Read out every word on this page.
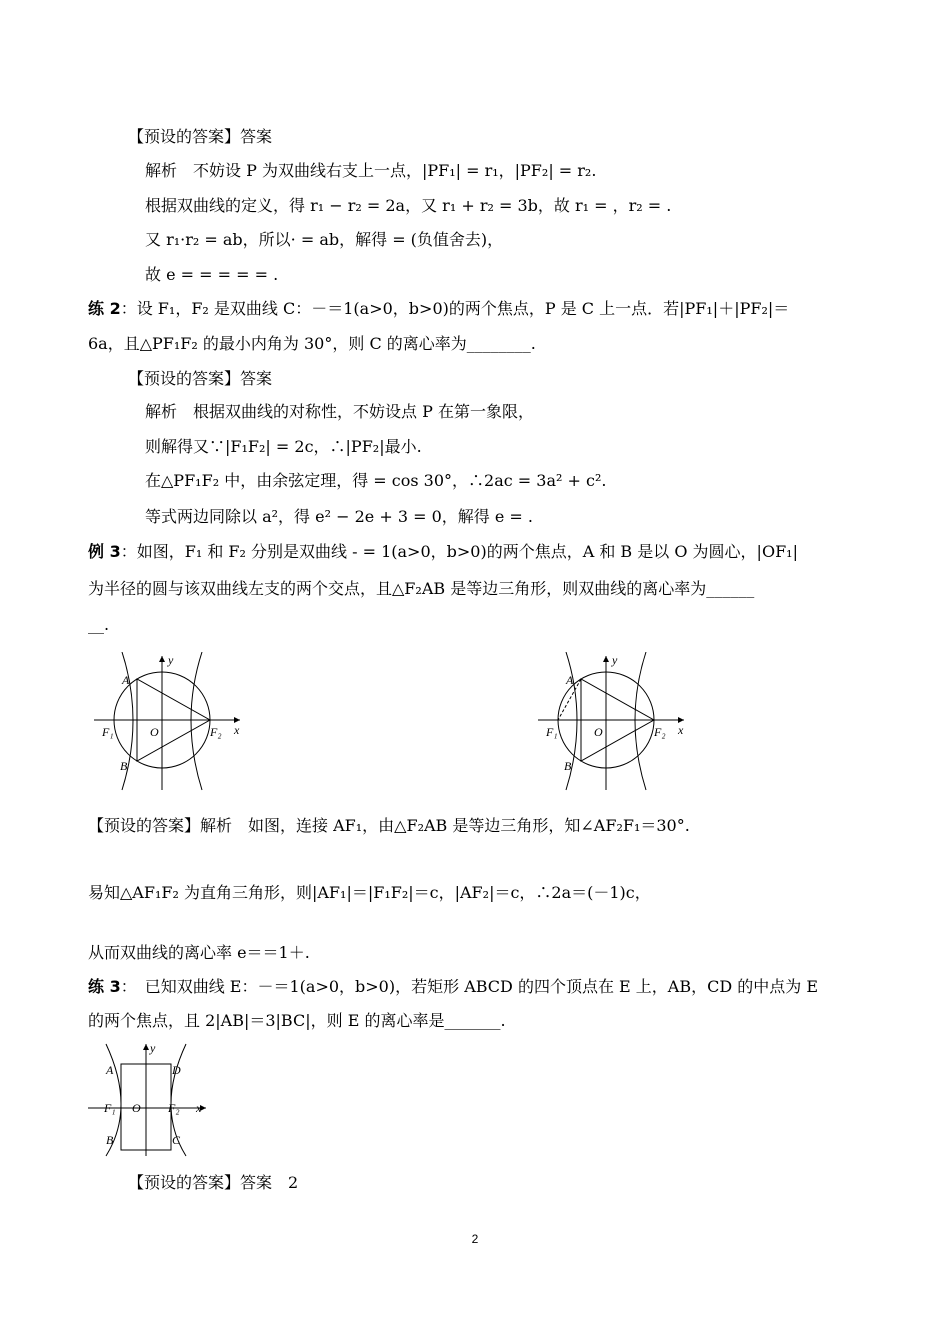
【预设的答案】答案
解析　不妨设 P 为双曲线右支上一点，|PF₁| = r₁，|PF₂| = r₂.
根据双曲线的定义，得 r₁ − r₂ = 2a，又 r₁ + r₂ = 3b，故 r₁ = ，r₂ = .
又 r₁·r₂ = ab，所以· = ab，解得 = (负值舍去)，
故 e = = = = = .
练 2：设 F₁，F₂ 是双曲线 C：－＝1(a>0，b>0)的两个焦点，P 是 C 上一点．若|PF₁|＋|PF₂|＝
6a，且△PF₁F₂ 的最小内角为 30°，则 C 的离心率为________.
【预设的答案】答案
解析　根据双曲线的对称性，不妨设点 P 在第一象限，
则解得又∵|F₁F₂| = 2c，∴|PF₂|最小.
在△PF₁F₂ 中，由余弦定理，得 = cos 30°，∴2ac = 3a² + c².
等式两边同除以 a²，得 e² − 2e + 3 = 0，解得 e = .
例 3：如图，F₁ 和 F₂ 分别是双曲线 - = 1(a>0，b>0)的两个焦点，A 和 B 是以 O 为圆心，|OF₁|
为半径的圆与该双曲线左支的两个交点，且△F₂AB 是等边三角形，则双曲线的离心率为______
__.
A
B
F₁	O	F₂ x
y
A
B
F₁	O	F₂ x
y
【预设的答案】解析　如图，连接 AF₁，由△F₂AB 是等边三角形，知∠AF₂F₁＝30°.
易知△AF₁F₂ 为直角三角形，则|AF₁|＝|F₁F₂|＝c，|AF₂|＝c，∴2a＝(－1)c，
从而双曲线的离心率 e＝＝1＋.
练 3：　已知双曲线 E：－＝1(a>0，b>0)，若矩形 ABCD 的四个顶点在 E 上，AB，CD 的中点为 E
的两个焦点，且 2|AB|＝3|BC|，则 E 的离心率是_______.
A	D
B	C
F₁ O F₂ x
y
【预设的答案】答案　2
2
